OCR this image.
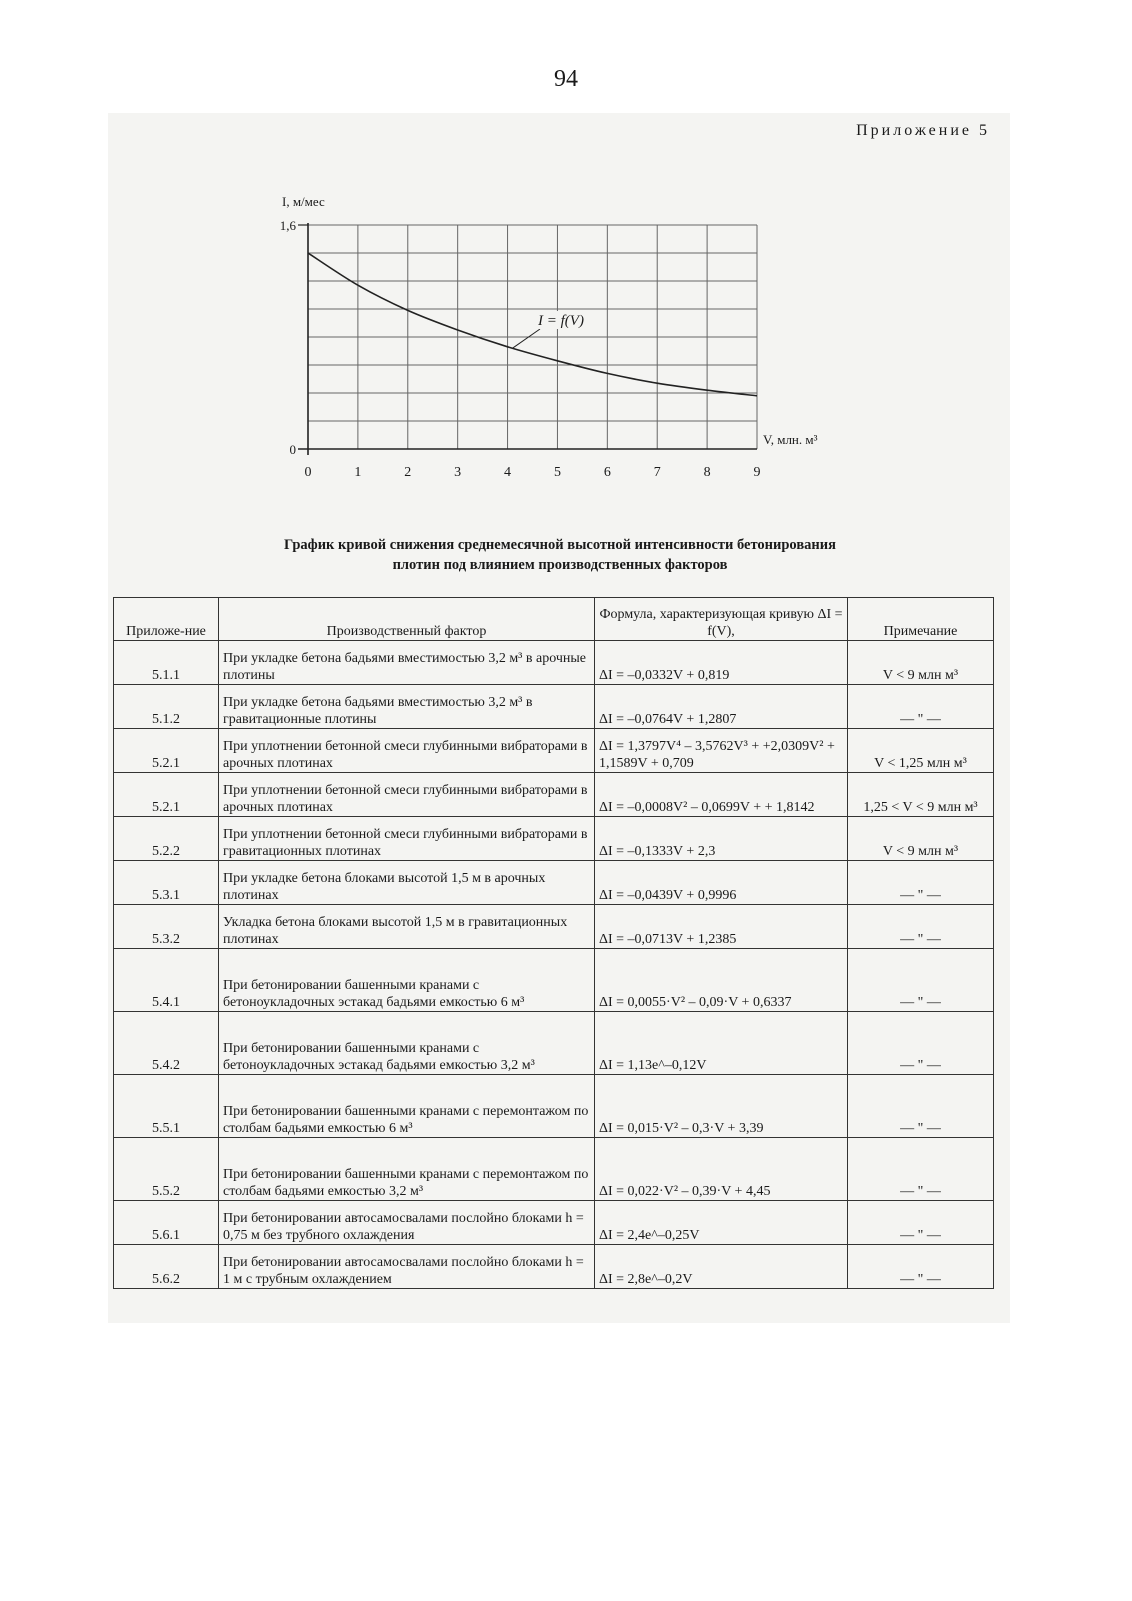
94
Приложение 5
0	1	2	3	4	5	6	7	8	9
1,6
0
I = f(V)
I, м/мес
V, млн. м³
График кривой снижения среднемесячной высотной интенсивности бетонирования
плотин под влиянием производственных факторов
Приложе-ние	Производственный фактор	Формула, характеризующая кривую ΔI = f(V),	Примечание
5.1.1	При укладке бетона бадьями вместимостью 3,2 м³ в арочные плотины	ΔI = –0,0332V + 0,819	V < 9 млн м³
5.1.2	При укладке бетона бадьями вместимостью 3,2 м³ в гравитационные плотины	ΔI = –0,0764V + 1,2807	— " —
5.2.1	При уплотнении бетонной смеси глубинными вибраторами в арочных плотинах	ΔI = 1,3797V⁴ – 3,5762V³ + +2,0309V² + 1,1589V + 0,709	V < 1,25 млн м³
5.2.1	При уплотнении бетонной смеси глубинными вибраторами в арочных плотинах	ΔI = –0,0008V² – 0,0699V + + 1,8142	1,25 < V < 9 млн м³
5.2.2	При уплотнении бетонной смеси глубинными вибраторами в гравитационных плотинах	ΔI = –0,1333V + 2,3	V < 9 млн м³
5.3.1	При укладке бетона блоками высотой 1,5 м в арочных плотинах	ΔI = –0,0439V + 0,9996	— " —
5.3.2	Укладка бетона блоками высотой 1,5 м в гравитационных плотинах	ΔI = –0,0713V + 1,2385	— " —
5.4.1	При бетонировании башенными кранами с бетоноукладочных эстакад бадьями емкостью 6 м³	ΔI = 0,0055·V² – 0,09·V + 0,6337	— " —
5.4.2	При бетонировании башенными кранами с бетоноукладочных эстакад бадьями емкостью 3,2 м³	ΔI = 1,13e^–0,12V	— " —
5.5.1	При бетонировании башенными кранами с перемонтажом по столбам бадьями емкостью 6 м³	ΔI = 0,015·V² – 0,3·V + 3,39	— " —
5.5.2	При бетонировании башенными кранами с перемонтажом по столбам бадьями емкостью 3,2 м³	ΔI = 0,022·V² – 0,39·V + 4,45	— " —
5.6.1	При бетонировании автосамосвалами послойно блоками h = 0,75 м без трубного охлаждения	ΔI = 2,4e^–0,25V	— " —
5.6.2	При бетонировании автосамосвалами послойно блоками h = 1 м с трубным охлаждением	ΔI = 2,8e^–0,2V	— " —
